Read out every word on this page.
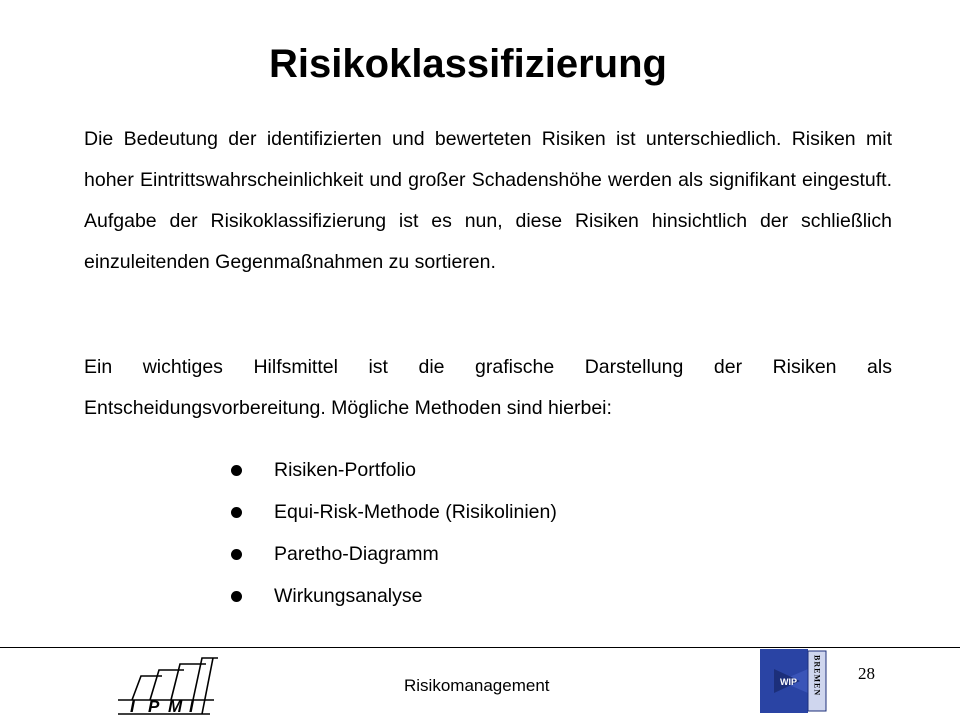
Risikoklassifizierung

Die Bedeutung der identifizierten und bewerteten Risiken ist unterschiedlich. Risiken mit hoher Eintrittswahrscheinlichkeit und großer Schadenshöhe werden als signifikant eingestuft. Aufgabe der Risikoklassifizierung ist es nun, diese Risiken hinsichtlich der schließlich einzuleitenden Gegenmaßnahmen zu sortieren.

Ein wichtiges Hilfsmittel ist die grafische Darstellung der Risiken als Entscheidungsvorbereitung. Mögliche Methoden sind hierbei:

Risiken-Portfolio
Equi-Risk-Methode (Risikolinien)
Paretho-Diagramm
Wirkungsanalyse
I P M I
Risikomanagement	WIP BREMEN 28
